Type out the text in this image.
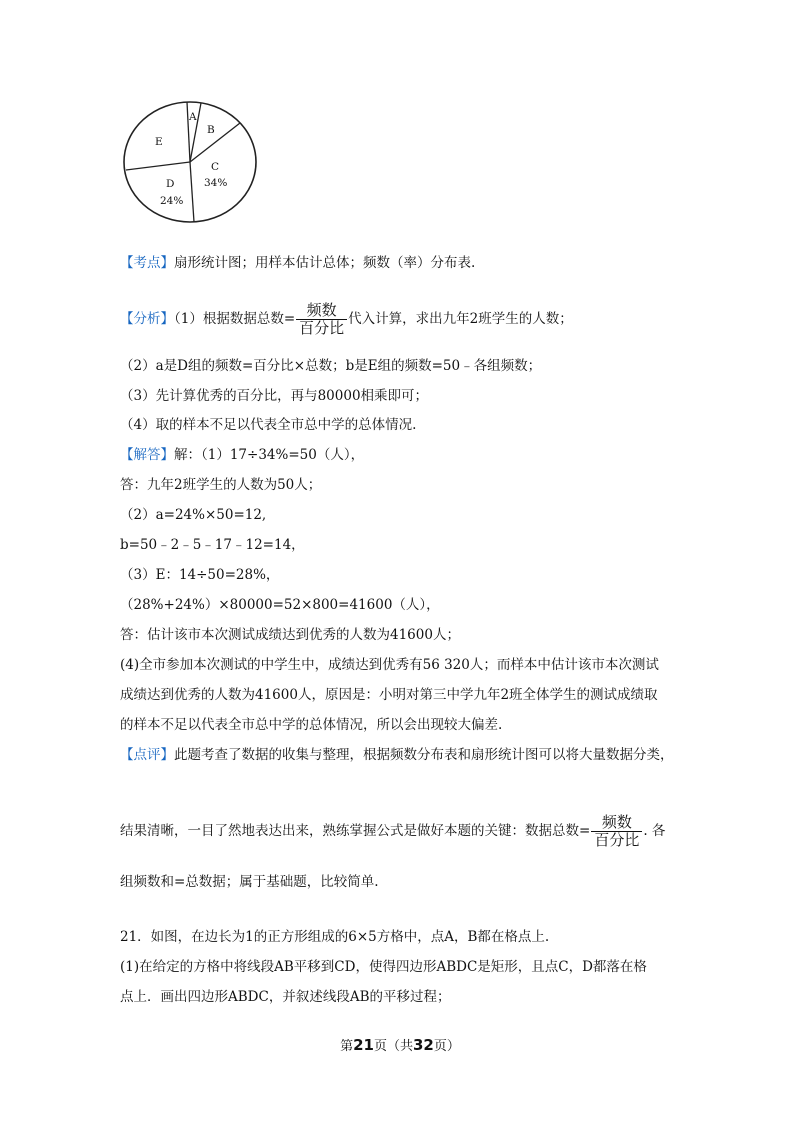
A
B
C
34%
D
24%
E
【考点】扇形统计图；用样本估计总体；频数（率）分布表.
【分析】（1）根据数据总数= $\frac{\text{频数}}{\text{百分比}}$ 代入计算，求出九年2班学生的人数；
（2）a是D组的频数=百分比×总数；b是E组的频数=50﹣各组频数；
（3）先计算优秀的百分比，再与80000相乘即可；
（4）取的样本不足以代表全市总中学的总体情况.
【解答】解：（1）17÷34%=50（人），
答：九年2班学生的人数为50人；
（2）a=24%×50=12,
b=50﹣2﹣5﹣17﹣12=14，
（3）E：14÷50=28%，
（28%+24%）×80000=52×800=41600（人），
答：估计该市本次测试成绩达到优秀的人数为41600人；
(4)全市参加本次测试的中学生中，成绩达到优秀有56 320人；而样本中估计该市本次测试
成绩达到优秀的人数为41600人，原因是：小明对第三中学九年2班全体学生的测试成绩取
的样本不足以代表全市总中学的总体情况，所以会出现较大偏差.
【点评】此题考查了数据的收集与整理，根据频数分布表和扇形统计图可以将大量数据分类，
结果清晰，一目了然地表达出来，熟练掌握公式是做好本题的关键：数据总数= $\frac{\text{频数}}{\text{百分比}}$ . 各
组频数和=总数据；属于基础题，比较简单.
21．如图，在边长为1的正方形组成的6×5方格中，点A，B都在格点上.
(1)在给定的方格中将线段AB平移到CD，使得四边形ABDC是矩形，且点C，D都落在格
点上．画出四边形ABDC，并叙述线段AB的平移过程；
第21页（共32页）
